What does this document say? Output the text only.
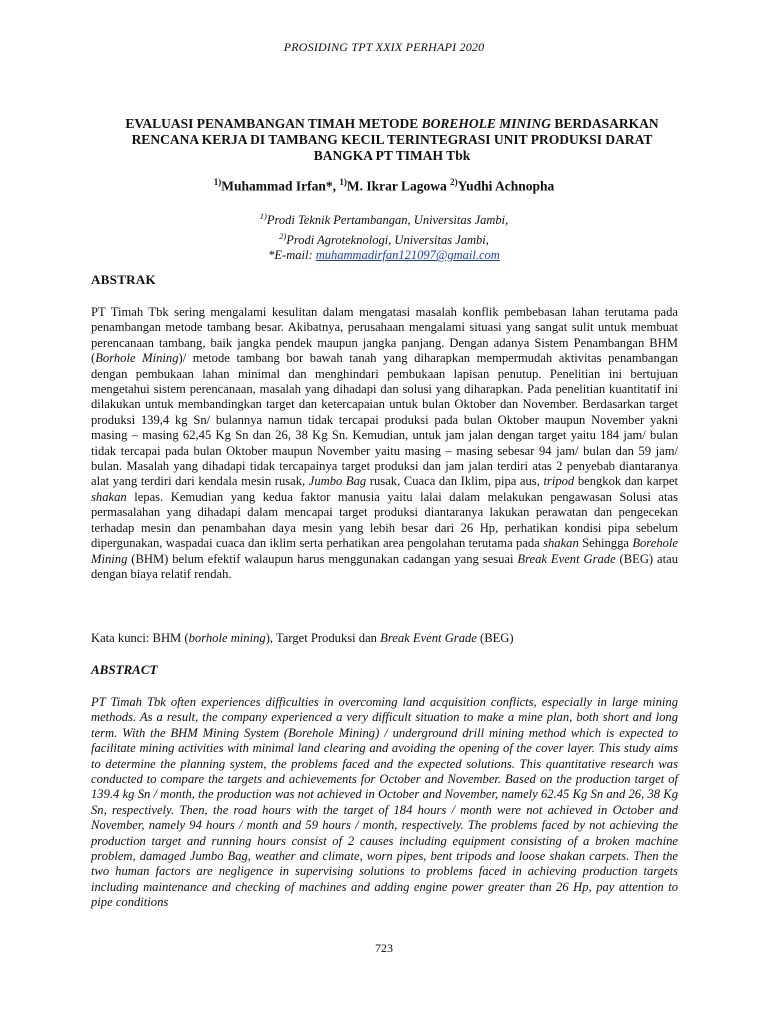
PROSIDING TPT XXIX PERHAPI 2020
EVALUASI PENAMBANGAN TIMAH METODE BOREHOLE MINING BERDASARKAN RENCANA KERJA DI TAMBANG KECIL TERINTEGRASI UNIT PRODUKSI DARAT BANGKA PT TIMAH Tbk
$^{1)}$Muhammad Irfan*, $^{1)}$M. Ikrar Lagowa $^{2)}$Yudhi Achnopha
$^{1)}$Prodi Teknik Pertambangan, Universitas Jambi,
$^{2)}$Prodi Agroteknologi, Universitas Jambi,
*E-mail: muhammadirfan121097@gmail.com
ABSTRAK

PT Timah Tbk sering mengalami kesulitan dalam mengatasi masalah konflik pembebasan lahan terutama pada penambangan metode tambang besar. Akibatnya, perusahaan mengalami situasi yang sangat sulit untuk membuat perencanaan tambang, baik jangka pendek maupun jangka panjang. Dengan adanya Sistem Penambangan BHM (Borhole Mining)/ metode tambang bor bawah tanah yang diharapkan mempermudah aktivitas penambangan dengan pembukaan lahan minimal dan menghindari pembukaan lapisan penutup. Penelitian ini bertujuan mengetahui sistem perencanaan, masalah yang dihadapi dan solusi yang diharapkan. Pada penelitian kuantitatif ini dilakukan untuk membandingkan target dan ketercapaian untuk bulan Oktober dan November. Berdasarkan target produksi 139,4 kg Sn/ bulannya namun tidak tercapai produksi pada bulan Oktober maupun November yakni masing – masing 62,45 Kg Sn dan 26, 38 Kg Sn. Kemudian, untuk jam jalan dengan target yaitu 184 jam/ bulan tidak tercapai pada bulan Oktober maupun November yaitu masing – masing sebesar 94 jam/ bulan dan 59 jam/ bulan. Masalah yang dihadapi tidak tercapainya target produksi dan jam jalan terdiri atas 2 penyebab diantaranya alat yang terdiri dari kendala mesin rusak, Jumbo Bag rusak, Cuaca dan Iklim, pipa aus, tripod bengkok dan karpet shakan lepas. Kemudian yang kedua faktor manusia yaitu lalai dalam melakukan pengawasan Solusi atas permasalahan yang dihadapi dalam mencapai target produksi diantaranya lakukan perawatan dan pengecekan terhadap mesin dan penambahan daya mesin yang lebih besar dari 26 Hp, perhatikan kondisi pipa sebelum dipergunakan, waspadai cuaca dan iklim serta perhatikan area pengolahan terutama pada shakan Sehingga Borehole Mining (BHM) belum efektif walaupun harus menggunakan cadangan yang sesuai Break Event Grade (BEG) atau dengan biaya relatif rendah.

Kata kunci: BHM (borhole mining), Target Produksi dan Break Event Grade (BEG)

ABSTRACT

PT Timah Tbk often experiences difficulties in overcoming land acquisition conflicts, especially in large mining methods. As a result, the company experienced a very difficult situation to make a mine plan, both short and long term. With the BHM Mining System (Borehole Mining) / underground drill mining method which is expected to facilitate mining activities with minimal land clearing and avoiding the opening of the cover layer. This study aims to determine the planning system, the problems faced and the expected solutions. This quantitative research was conducted to compare the targets and achievements for October and November. Based on the production target of 139.4 kg Sn / month, the production was not achieved in October and November, namely 62.45 Kg Sn and 26, 38 Kg Sn, respectively. Then, the road hours with the target of 184 hours / month were not achieved in October and November, namely 94 hours / month and 59 hours / month, respectively. The problems faced by not achieving the production target and running hours consist of 2 causes including equipment consisting of a broken machine problem, damaged Jumbo Bag, weather and climate, worn pipes, bent tripods and loose shakan carpets. Then the two human factors are negligence in supervising solutions to problems faced in achieving production targets including maintenance and checking of machines and adding engine power greater than 26 Hp, pay attention to pipe conditions

723
